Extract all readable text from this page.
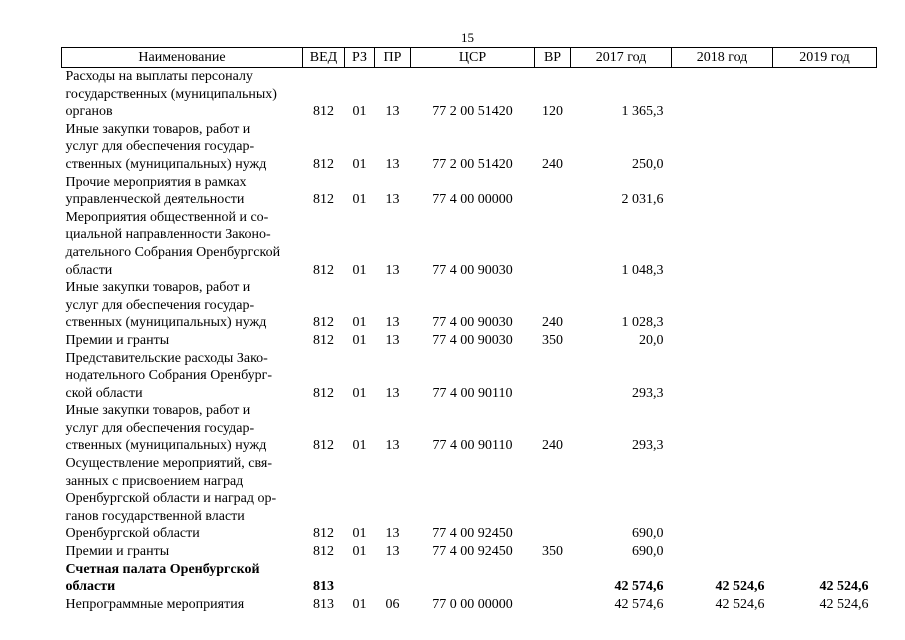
15
Наименование	ВЕД	РЗ	ПР	ЦСР	ВР	2017 год	2018 год	2019 год

Расходы на выплаты персоналу
государственных (муниципальных)
органов	812	01	13	77 2 00 51420	120	1 365,3		

Иные закупки товаров, работ и
услуг для обеспечения государ-
ственных (муниципальных) нужд	812	01	13	77 2 00 51420	240	250,0		

Прочие мероприятия в рамках
управленческой деятельности	812	01	13	77 4 00 00000		2 031,6		

Мероприятия общественной и со-
циальной направленности Законо-
дательного Собрания Оренбургской
области	812	01	13	77 4 00 90030		1 048,3		

Иные закупки товаров, работ и
услуг для обеспечения государ-
ственных (муниципальных) нужд	812	01	13	77 4 00 90030	240	1 028,3		

Премии и гранты	812	01	13	77 4 00 90030	350	20,0		

Представительские расходы Зако-
нодательного Собрания Оренбург-
ской области	812	01	13	77 4 00 90110		293,3		

Иные закупки товаров, работ и
услуг для обеспечения государ-
ственных (муниципальных) нужд	812	01	13	77 4 00 90110	240	293,3		

Осуществление мероприятий, свя-
занных с присвоением наград
Оренбургской области и наград ор-
ганов государственной власти
Оренбургской области	812	01	13	77 4 00 92450		690,0		

Премии и гранты	812	01	13	77 4 00 92450	350	690,0		

Счетная палата Оренбургской
области	813					42 574,6	42 524,6	42 524,6

Непрограммные мероприятия	813	01	06	77 0 00 00000		42 574,6	42 524,6	42 524,6
